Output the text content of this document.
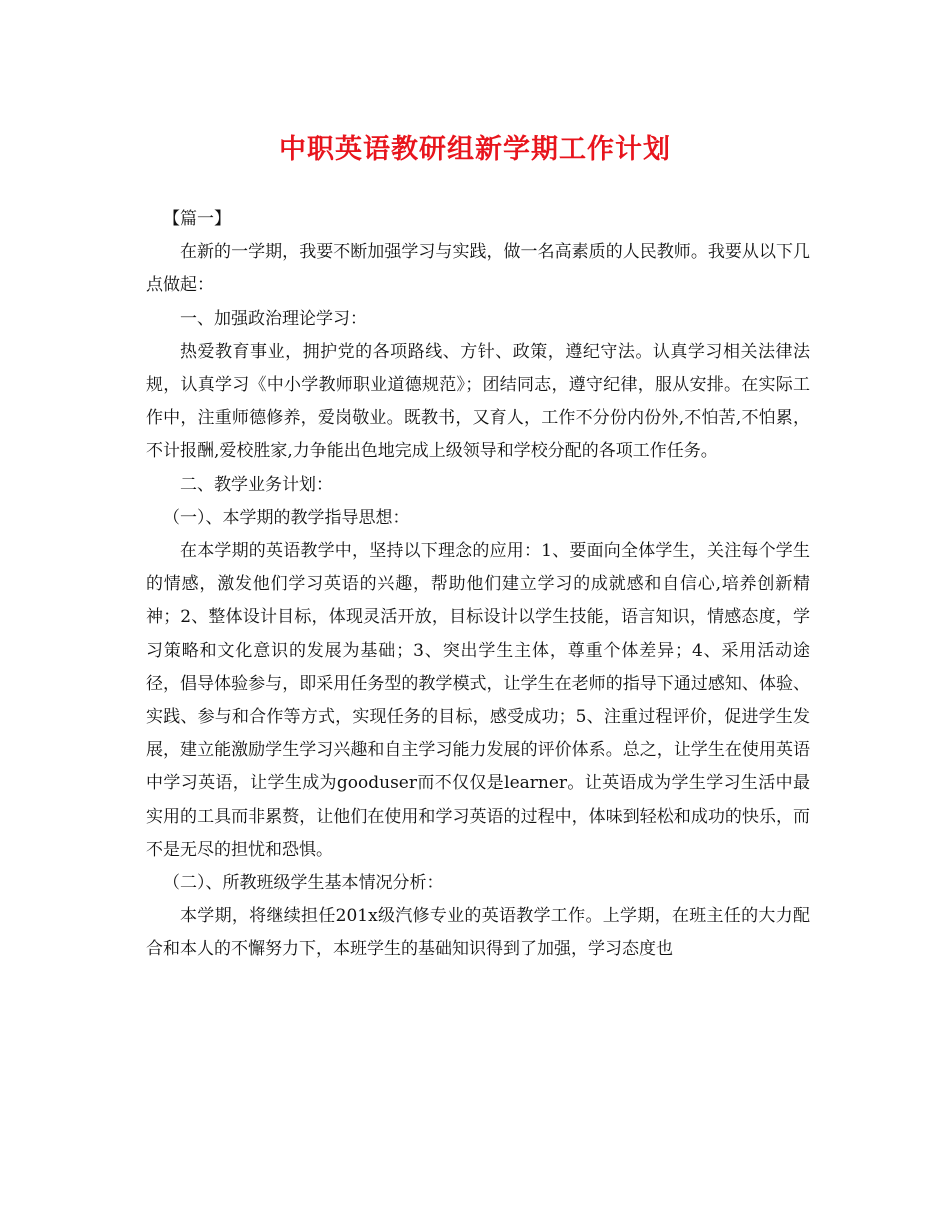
中职英语教研组新学期工作计划

【篇一】

在新的一学期，我要不断加强学习与实践，做一名高素质的人民教师。我要从以下几点做起：

一、加强政治理论学习：

热爱教育事业，拥护党的各项路线、方针、政策，遵纪守法。认真学习相关法律法规，认真学习《中小学教师职业道德规范》；团结同志，遵守纪律，服从安排。在实际工作中，注重师德修养，爱岗敬业。既教书，又育人，工作不分份内份外,不怕苦,不怕累，不计报酬,爱校胜家,力争能出色地完成上级领导和学校分配的各项工作任务。

二、教学业务计划：

（一）、本学期的教学指导思想：

在本学期的英语教学中，坚持以下理念的应用：1、要面向全体学生，关注每个学生的情感，激发他们学习英语的兴趣，帮助他们建立学习的成就感和自信心,培养创新精神；2、整体设计目标，体现灵活开放，目标设计以学生技能，语言知识，情感态度，学习策略和文化意识的发展为基础；3、突出学生主体，尊重个体差异；4、采用活动途径，倡导体验参与，即采用任务型的教学模式，让学生在老师的指导下通过感知、体验、实践、参与和合作等方式，实现任务的目标，感受成功；5、注重过程评价，促进学生发展，建立能激励学生学习兴趣和自主学习能力发展的评价体系。总之，让学生在使用英语中学习英语，让学生成为gooduser而不仅仅是learner。让英语成为学生学习生活中最实用的工具而非累赘，让他们在使用和学习英语的过程中，体味到轻松和成功的快乐，而不是无尽的担忧和恐惧。

（二）、所教班级学生基本情况分析：

本学期，将继续担任201x级汽修专业的英语教学工作。上学期，在班主任的大力配合和本人的不懈努力下，本班学生的基础知识得到了加强，学习态度也
